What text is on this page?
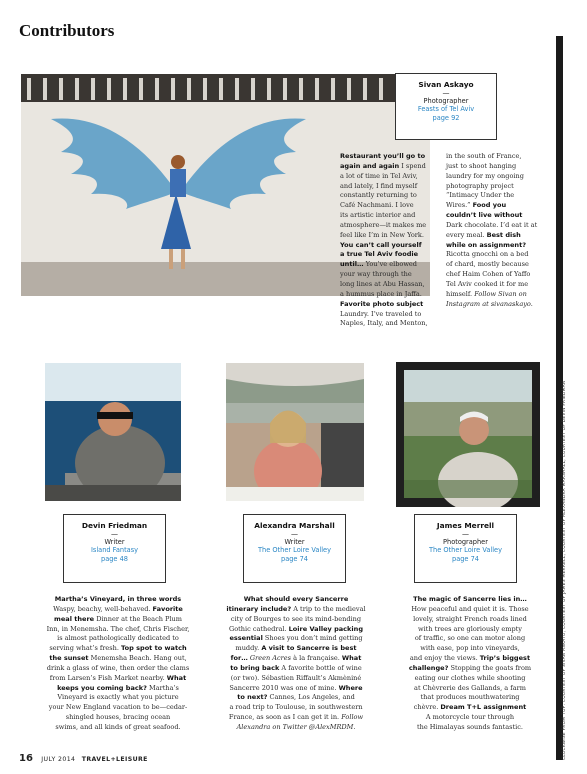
Contributors
Sivan Askayo
—
Photographer
Feasts of Tel Aviv
page 92
Restaurant you’ll go to
again and again I spend
a lot of time in Tel Aviv,
and lately, I find myself
constantly returning to
Café Nachmani. I love
its artistic interior and
atmosphere—it makes me
feel like I’m in New York.
You can’t call yourself
a true Tel Aviv foodie
until… You’ve elbowed
your way through the
long lines at Abu Hassan,
a hummus place in Jaffa.
Favorite photo subject
Laundry. I’ve traveled to
Naples, Italy, and Menton,
in the south of France,
just to shoot hanging
laundry for my ongoing
photography project
“Intimacy Under the
Wires.” Food you
couldn’t live without
Dark chocolate. I’d eat it at
every meal. Best dish
while on assignment?
Ricotta gnocchi on a bed
of chard, mostly because
chef Haim Cohen of Yaffo
Tel Aviv cooked it for me
himself. Follow Sivan on
Instagram at sivanaskayo.
Devin Friedman
—
Writer
Island Fantasy
page 48
Martha’s Vineyard, in three words
Waspy, beachy, well-behaved. Favorite
meal there Dinner at the Beach Plum
Inn, in Menemsha. The chef, Chris Fischer,
is almost pathologically dedicated to
serving what’s fresh. Top spot to watch
the sunset Menemsha Beach. Hang out,
drink a glass of wine, then order the clams
from Larsen’s Fish Market nearby. What
keeps you coming back? Martha’s
Vineyard is exactly what you picture
your New England vacation to be—cedar-
shingled houses, bracing ocean
swims, and all kinds of great seafood.
Alexandra Marshall
—
Writer
The Other Loire Valley
page 74
What should every Sancerre
itinerary include? A trip to the medieval
city of Bourges to see its mind-bending
Gothic cathedral. Loire Valley packing
essential Shoes you don’t mind getting
muddy. A visit to Sancerre is best
for… Green Acres à la française. What
to bring back A favorite bottle of wine
(or two). Sébastien Riffault’s Akmèniné
Sancerre 2010 was one of mine. Where
to next? Cannes, Los Angeles, and
a road trip to Toulouse, in southwestern
France, as soon as I can get it in. Follow
Alexandra on Twitter @AlexMRDM.
James Merrell
—
Photographer
The Other Loire Valley
page 74
The magic of Sancerre lies in…
How peaceful and quiet it is. Those
lovely, straight French roads lined
with trees are gloriously empty
of traffic, so one can motor along
with ease, pop into vineyards,
and enjoy the views. Trip’s biggest
challenge? Stopping the goats from
eating our clothes while shooting
at Chèvrerie des Gallands, a farm
that produces mouthwatering
chèvre. Dream T+L assignment
A motorcycle tour through
the Himalayas sounds fantastic.	CLOCKWISE FROM TOP: COURTESY OF SIVAN ASKAYO; COURTESY OF JAMES MERRELL; COURTESY OF ALEXANDRA MARSHALL; COURTESY OF DEVIN FRIEDMAN
16 JULY 2014 TRAVEL+LEISURE
